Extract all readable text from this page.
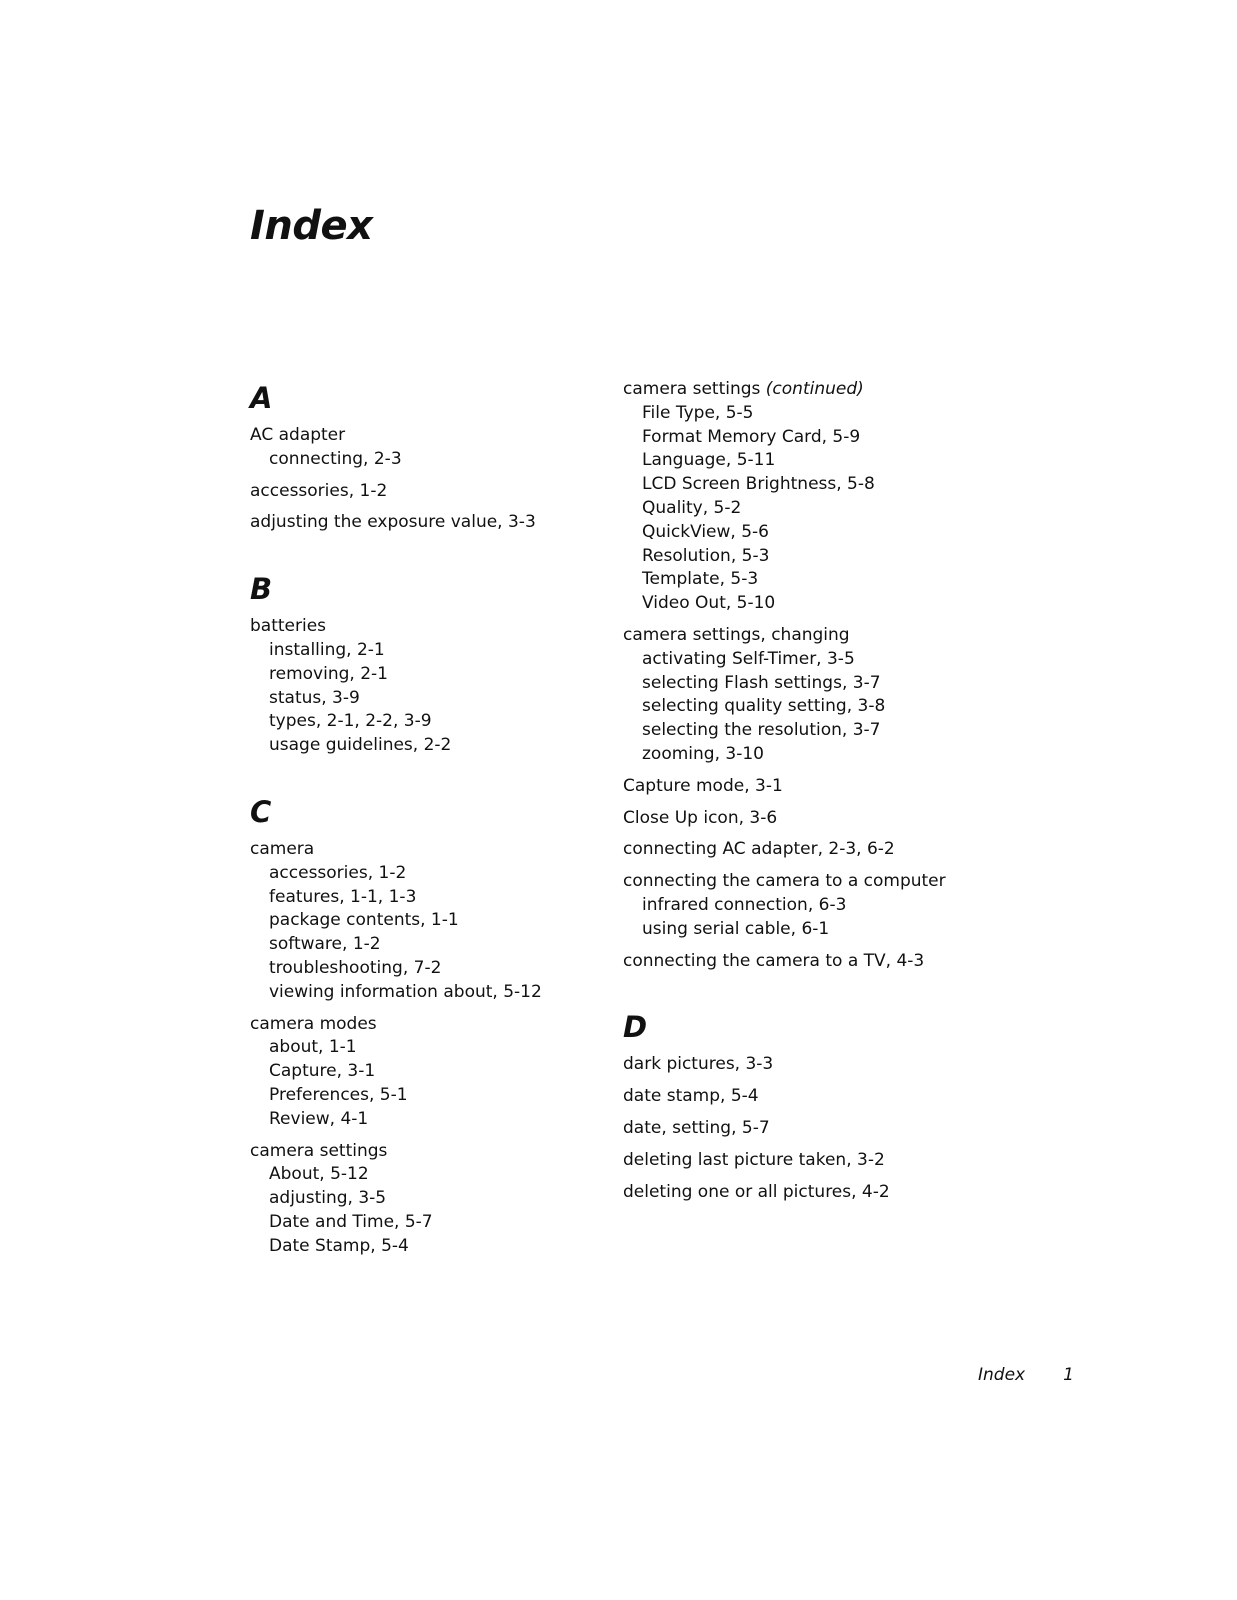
Index
A
AC adapter
connecting, 2-3
accessories, 1-2
adjusting the exposure value, 3-3
B
batteries
installing, 2-1
removing, 2-1
status, 3-9
types, 2-1, 2-2, 3-9
usage guidelines, 2-2
C
camera
accessories, 1-2
features, 1-1, 1-3
package contents, 1-1
software, 1-2
troubleshooting, 7-2
viewing information about, 5-12
camera modes
about, 1-1
Capture, 3-1
Preferences, 5-1
Review, 4-1
camera settings
About, 5-12
adjusting, 3-5
Date and Time, 5-7
Date Stamp, 5-4
camera settings (continued)
File Type, 5-5
Format Memory Card, 5-9
Language, 5-11
LCD Screen Brightness, 5-8
Quality, 5-2
QuickView, 5-6
Resolution, 5-3
Template, 5-3
Video Out, 5-10
camera settings, changing
activating Self-Timer, 3-5
selecting Flash settings, 3-7
selecting quality setting, 3-8
selecting the resolution, 3-7
zooming, 3-10
Capture mode, 3-1
Close Up icon, 3-6
connecting AC adapter, 2-3, 6-2
connecting the camera to a computer
infrared connection, 6-3
using serial cable, 6-1
connecting the camera to a TV, 4-3
D
dark pictures, 3-3
date stamp, 5-4
date, setting, 5-7
deleting last picture taken, 3-2
deleting one or all pictures, 4-2
Index 1
